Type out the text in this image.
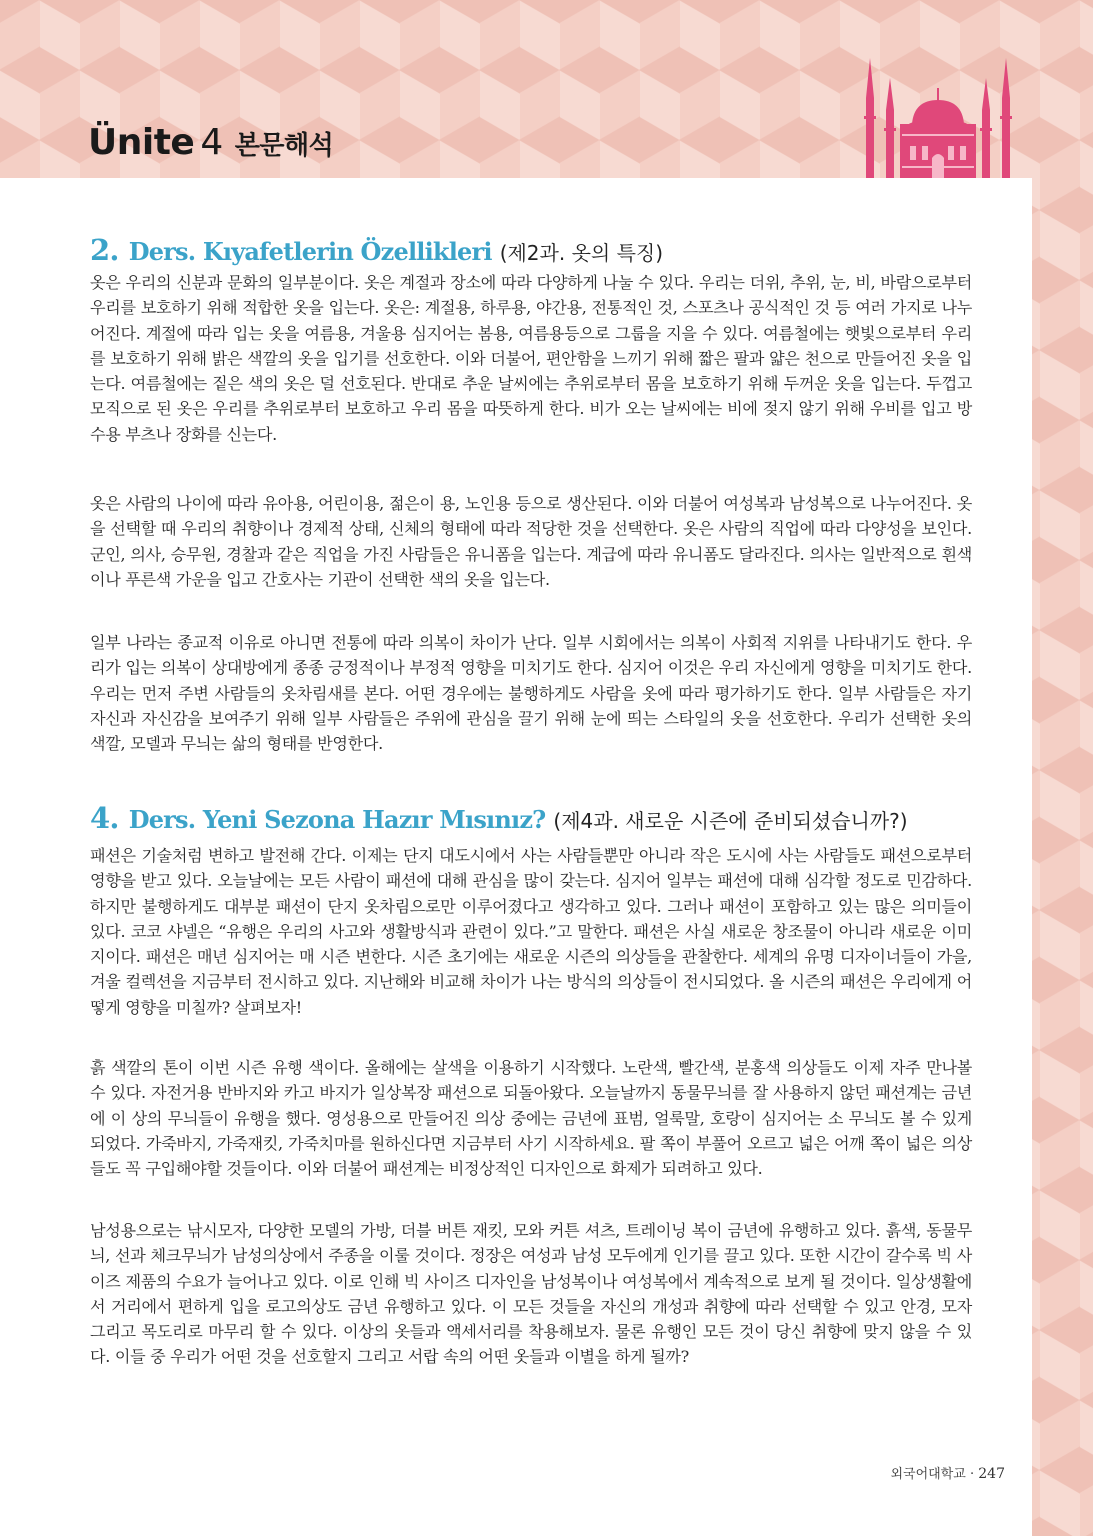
Ünite 4 본문해석
2. Ders. Kıyafetlerin Özellikleri (제2과. 옷의 특징)

옷은 우리의 신분과 문화의 일부분이다. 옷은 계절과 장소에 따라 다양하게 나눌 수 있다. 우리는 더위, 추위, 눈, 비, 바람으로부터 우리를 보호하기 위해 적합한 옷을 입는다. 옷은: 계절용, 하루용, 야간용, 전통적인 것, 스포츠나 공식적인 것 등 여러 가지로 나누어진다. 계절에 따라 입는 옷을 여름용, 겨울용 심지어는 봄용, 여름용등으로 그룹을 지을 수 있다. 여름철에는 햇빛으로부터 우리를 보호하기 위해 밝은 색깔의 옷을 입기를 선호한다. 이와 더불어, 편안함을 느끼기 위해 짧은 팔과 얇은 천으로 만들어진 옷을 입는다. 여름철에는 짙은 색의 옷은 덜 선호된다. 반대로 추운 날씨에는 추위로부터 몸을 보호하기 위해 두꺼운 옷을 입는다. 두껍고 모직으로 된 옷은 우리를 추위로부터 보호하고 우리 몸을 따뜻하게 한다. 비가 오는 날씨에는 비에 젖지 않기 위해 우비를 입고 방수용 부츠나 장화를 신는다.

옷은 사람의 나이에 따라 유아용, 어린이용, 젊은이 용, 노인용 등으로 생산된다. 이와 더불어 여성복과 남성복으로 나누어진다. 옷을 선택할 때 우리의 취향이나 경제적 상태, 신체의 형태에 따라 적당한 것을 선택한다. 옷은 사람의 직업에 따라 다양성을 보인다. 군인, 의사, 승무원, 경찰과 같은 직업을 가진 사람들은 유니폼을 입는다. 계급에 따라 유니폼도 달라진다. 의사는 일반적으로 흰색이나 푸른색 가운을 입고 간호사는 기관이 선택한 색의 옷을 입는다.

일부 나라는 종교적 이유로 아니면 전통에 따라 의복이 차이가 난다. 일부 시회에서는 의복이 사회적 지위를 나타내기도 한다. 우리가 입는 의복이 상대방에게 종종 긍정적이나 부정적 영향을 미치기도 한다. 심지어 이것은 우리 자신에게 영향을 미치기도 한다. 우리는 먼저 주변 사람들의 옷차림새를 본다. 어떤 경우에는 불행하게도 사람을 옷에 따라 평가하기도 한다. 일부 사람들은 자기 자신과 자신감을 보여주기 위해 일부 사람들은 주위에 관심을 끌기 위해 눈에 띄는 스타일의 옷을 선호한다. 우리가 선택한 옷의 색깔, 모델과 무늬는 삶의 형태를 반영한다.

4. Ders. Yeni Sezona Hazır Mısınız? (제4과. 새로운 시즌에 준비되셨습니까?)

패션은 기술처럼 변하고 발전해 간다. 이제는 단지 대도시에서 사는 사람들뿐만 아니라 작은 도시에 사는 사람들도 패션으로부터 영향을 받고 있다. 오늘날에는 모든 사람이 패션에 대해 관심을 많이 갖는다. 심지어 일부는 패션에 대해 심각할 정도로 민감하다. 하지만 불행하게도 대부분 패션이 단지 옷차림으로만 이루어졌다고 생각하고 있다. 그러나 패션이 포함하고 있는 많은 의미들이 있다. 코코 샤넬은 “유행은 우리의 사고와 생활방식과 관련이 있다.”고 말한다. 패션은 사실 새로운 창조물이 아니라 새로운 이미지이다. 패션은 매년 심지어는 매 시즌 변한다. 시즌 초기에는 새로운 시즌의 의상들을 관찰한다. 세계의 유명 디자이너들이 가을, 겨울 컬렉션을 지금부터 전시하고 있다. 지난해와 비교해 차이가 나는 방식의 의상들이 전시되었다. 올 시즌의 패션은 우리에게 어떻게 영향을 미칠까? 살펴보자!

흙 색깔의 톤이 이번 시즌 유행 색이다. 올해에는 살색을 이용하기 시작했다. 노란색, 빨간색, 분홍색 의상들도 이제 자주 만나볼 수 있다. 자전거용 반바지와 카고 바지가 일상복장 패션으로 되돌아왔다. 오늘날까지 동물무늬를 잘 사용하지 않던 패션계는 금년에 이 상의 무늬들이 유행을 했다. 영성용으로 만들어진 의상 중에는 금년에 표범, 얼룩말, 호랑이 심지어는 소 무늬도 볼 수 있게 되었다. 가죽바지, 가죽재킷, 가죽치마를 원하신다면 지금부터 사기 시작하세요. 팔 쪽이 부풀어 오르고 넓은 어깨 쪽이 넓은 의상들도 꼭 구입해야할 것들이다. 이와 더불어 패션계는 비정상적인 디자인으로 화제가 되려하고 있다.

남성용으로는 낚시모자, 다양한 모델의 가방, 더블 버튼 재킷, 모와 커튼 셔츠, 트레이닝 복이 금년에 유행하고 있다. 흙색, 동물무늬, 선과 체크무늬가 남성의상에서 주종을 이룰 것이다. 정장은 여성과 남성 모두에게 인기를 끌고 있다. 또한 시간이 갈수록 빅 사이즈 제품의 수요가 늘어나고 있다. 이로 인해 빅 사이즈 디자인을 남성복이나 여성복에서 계속적으로 보게 될 것이다. 일상생활에서 거리에서 편하게 입을 로고의상도 금년 유행하고 있다. 이 모든 것들을 자신의 개성과 취향에 따라 선택할 수 있고 안경, 모자 그리고 목도리로 마무리 할 수 있다. 이상의 옷들과 액세서리를 착용해보자. 물론 유행인 모든 것이 당신 취향에 맞지 않을 수 있다. 이들 중 우리가 어떤 것을 선호할지 그리고 서랍 속의 어떤 옷들과 이별을 하게 될까?

외국어대학교 · 247
